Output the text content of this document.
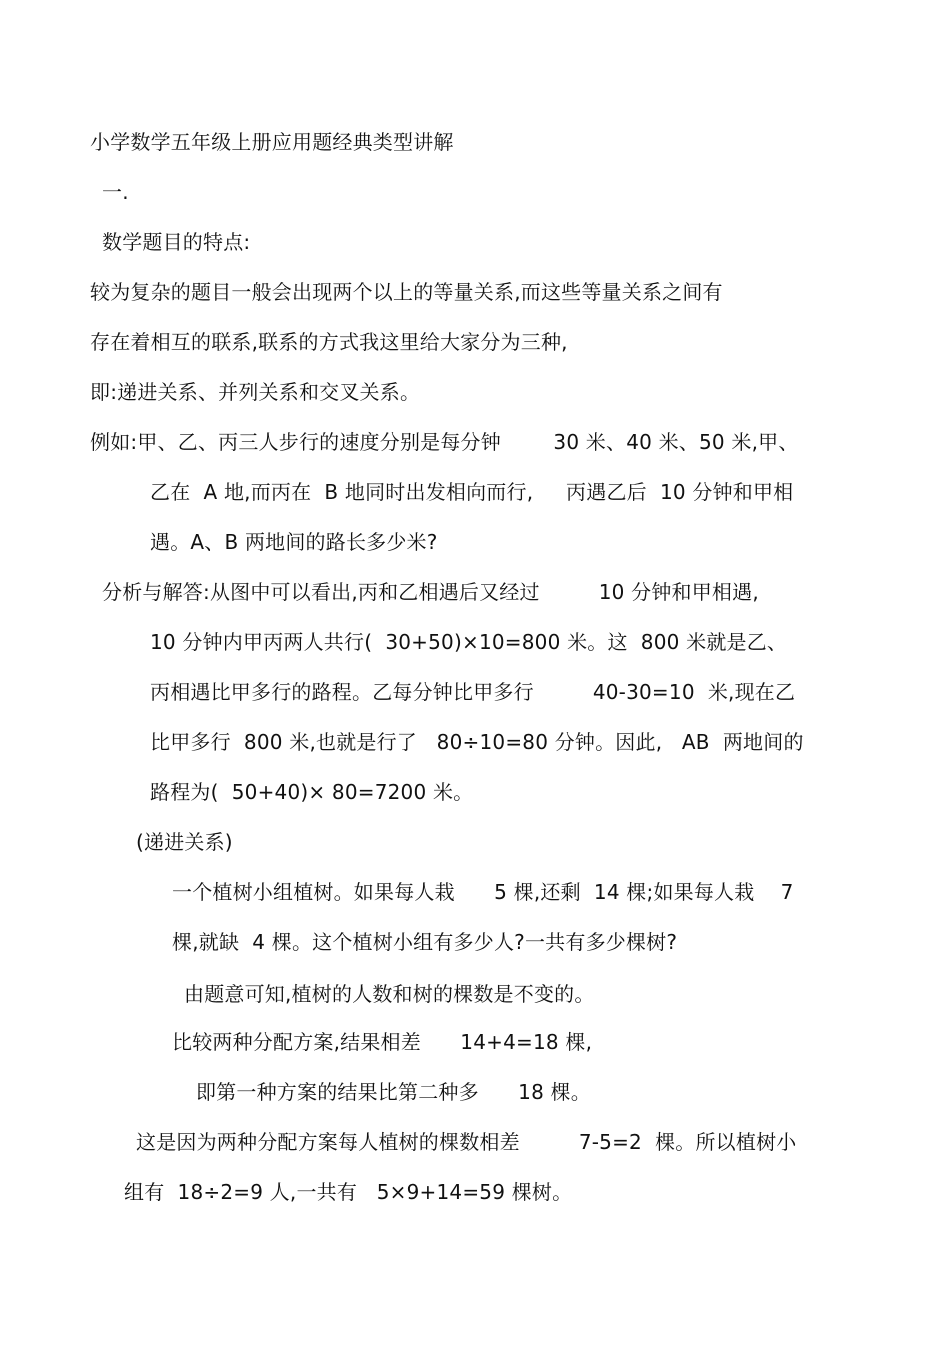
小学数学五年级上册应用题经典类型讲解
一.
数学题目的特点:
较为复杂的题目一般会出现两个以上的等量关系,而这些等量关系之间有
存在着相互的联系,联系的方式我这里给大家分为三种,
即:递进关系、并列关系和交叉关系。
例如:甲、乙、丙三人步行的速度分别是每分钟        30 米、40 米、50 米,甲、
乙在  A 地,而丙在  B 地同时出发相向而行,     丙遇乙后  10 分钟和甲相
遇。A、B 两地间的路长多少米?
分析与解答:从图中可以看出,丙和乙相遇后又经过         10 分钟和甲相遇,
10 分钟内甲丙两人共行(  30+50)×10=800 米。这  800 米就是乙、
丙相遇比甲多行的路程。乙每分钟比甲多行         40-30=10  米,现在乙
比甲多行  800 米,也就是行了   80÷10=80 分钟。因此,   AB  两地间的
路程为(  50+40)× 80=7200 米。
(递进关系)
一个植树小组植树。如果每人栽      5 棵,还剩  14 棵;如果每人栽    7
棵,就缺  4 棵。这个植树小组有多少人?一共有多少棵树?
由题意可知,植树的人数和树的棵数是不变的。
比较两种分配方案,结果相差      14+4=18 棵,
即第一种方案的结果比第二种多      18 棵。
这是因为两种分配方案每人植树的棵数相差         7-5=2  棵。所以植树小
组有  18÷2=9 人,一共有   5×9+14=59 棵树。
